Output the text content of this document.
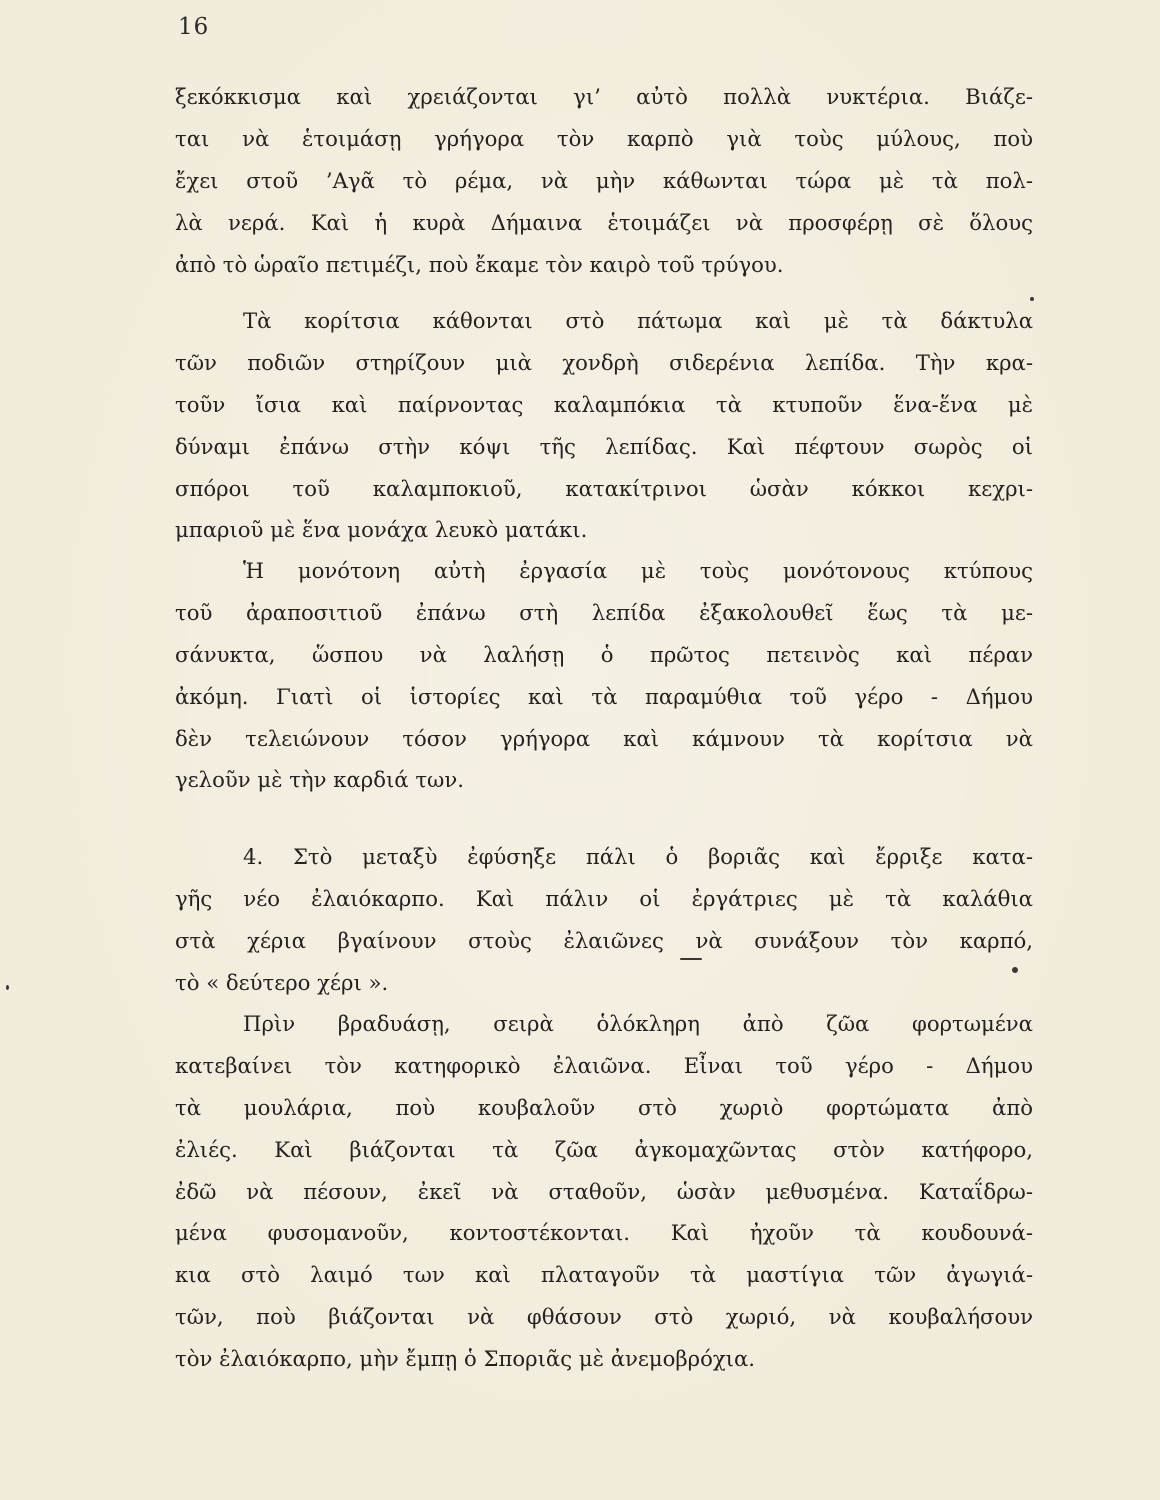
16
ξεκόκκισμα καὶ χρειάζονται γι’ αὐτὸ πολλὰ νυκτέρια. Βιάζε-
ται νὰ ἑτοιμάσῃ γρήγορα τὸν καρπὸ γιὰ τοὺς μύλους, ποὺ
ἔχει στοῦ ’Αγᾶ τὸ ρέμα, νὰ μὴν κάθωνται τώρα μὲ τὰ πολ-
λὰ νερά. Καὶ ἡ κυρὰ Δήμαινα ἑτοιμάζει νὰ προσφέρῃ σὲ ὅλους
ἀπὸ τὸ ὡραῖο πετιμέζι, ποὺ ἔκαμε τὸν καιρὸ τοῦ τρύγου.
Τὰ κορίτσια κάθονται στὸ πάτωμα καὶ μὲ τὰ δάκτυλα
τῶν ποδιῶν στηρίζουν μιὰ χονδρὴ σιδερένια λεπίδα. Τὴν κρα-
τοῦν ἴσια καὶ παίρνοντας καλαμπόκια τὰ κτυποῦν ἕνα-ἕνα μὲ
δύναμι ἐπάνω στὴν κόψι τῆς λεπίδας. Καὶ πέφτουν σωρὸς οἱ
σπόροι τοῦ καλαμποκιοῦ, κατακίτρινοι ὡσὰν κόκκοι κεχρι-
μπαριοῦ μὲ ἕνα μονάχα λευκὸ ματάκι.
Ἡ μονότονη αὐτὴ ἐργασία μὲ τοὺς μονότονους κτύπους
τοῦ ἀραποσιτιοῦ ἐπάνω στὴ λεπίδα ἐξακολουθεῖ ἕως τὰ με-
σάνυκτα, ὥσπου νὰ λαλήσῃ ὁ πρῶτος πετεινὸς καὶ πέραν
ἀκόμη. Γιατὶ οἱ ἱστορίες καὶ τὰ παραμύθια τοῦ γέρο - Δήμου
δὲν τελειώνουν τόσον γρήγορα καὶ κάμνουν τὰ κορίτσια νὰ
γελοῦν μὲ τὴν καρδιά των.
4. Στὸ μεταξὺ ἐφύσηξε πάλι ὁ βοριᾶς καὶ ἔρριξε κατα-
γῆς νέο ἐλαιόκαρπο. Καὶ πάλιν οἱ ἐργάτριες μὲ τὰ καλάθια
στὰ χέρια βγαίνουν στοὺς ἐλαιῶνες νὰ συνάξουν τὸν καρπό,
τὸ « δεύτερο χέρι ».
Πρὶν βραδυάσῃ, σειρὰ ὁλόκληρη ἀπὸ ζῶα φορτωμένα
κατεβαίνει τὸν κατηφορικὸ ἐλαιῶνα. Εἶναι τοῦ γέρο - Δήμου
τὰ μουλάρια, ποὺ κουβαλοῦν στὸ χωριὸ φορτώματα ἀπὸ
ἐλιές. Καὶ βιάζονται τὰ ζῶα ἀγκομαχῶντας στὸν κατήφορο,
ἐδῶ νὰ πέσουν, ἐκεῖ νὰ σταθοῦν, ὡσὰν μεθυσμένα. Καταΐδρω-
μένα φυσομανοῦν, κοντοστέκονται. Καὶ ἠχοῦν τὰ κουδουνά-
κια στὸ λαιμό των καὶ πλαταγοῦν τὰ μαστίγια τῶν ἀγωγιά-
τῶν, ποὺ βιάζονται νὰ φθάσουν στὸ χωριό, νὰ κουβαλήσουν
τὸν ἐλαιόκαρπο, μὴν ἔμπῃ ὁ Σποριᾶς μὲ ἀνεμοβρόχια.
